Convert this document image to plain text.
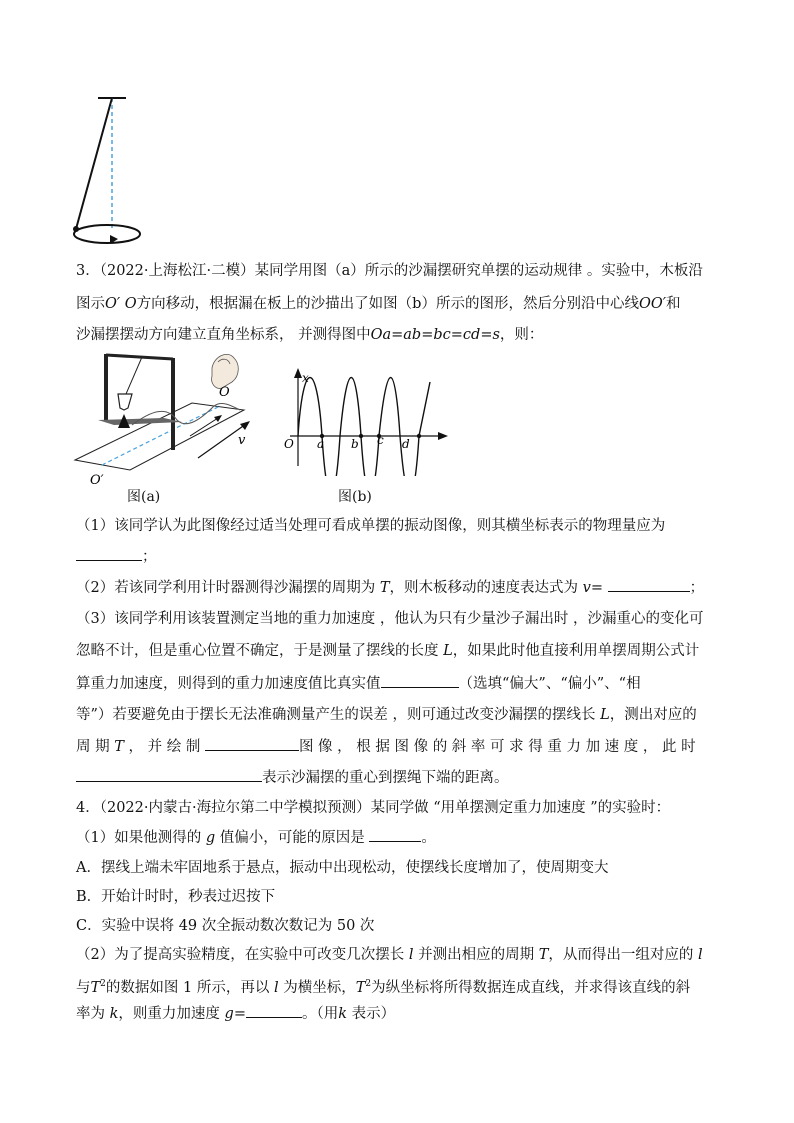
3．（2022·上海松江·二模）某同学用图（a）所示的沙漏摆研究单摆的运动规律 。实验中，木板沿
图示O′ O方向移动，根据漏在板上的沙描出了如图（b）所示的图形，然后分别沿中心线OO′和
沙漏摆摆动方向建立直角坐标系， 并测得图中Oa=ab=bc=cd=s，则：
O
O′
v
图(a)
x
O a b c d
图(b)
（1）该同学认为此图像经过适当处理可看成单摆的振动图像，则其横坐标表示的物理量应为
；
（2）若该同学利用计时器测得沙漏摆的周期为 T，则木板移动的速度表达式为 v=	；
（3）该同学利用该装置测定当地的重力加速度 ，他认为只有少量沙子漏出时 ，沙漏重心的变化可
忽略不计，但是重心位置不确定，于是测量了摆线的长度 L，如果此时他直接利用单摆周期公式计
算重力加速度，则得到的重力加速度值比真实值	（选填“偏大”、“偏小”、“相
等”）若要避免由于摆长无法准确测量产生的误差 ，则可通过改变沙漏摆的摆线长 L，测出对应的
周 期 T ， 并 绘 制	图 像 ， 根 据 图 像 的 斜 率 可 求 得 重 力 加 速 度 ， 此 时
表示沙漏摆的重心到摆绳下端的距离。
4．（2022·内蒙古·海拉尔第二中学模拟预测）某同学做 “用单摆测定重力加速度 ”的实验时：
（1）如果他测得的 g 值偏小，可能的原因是	。
A．摆线上端未牢固地系于悬点，振动中出现松动，使摆线长度增加了，使周期变大
B．开始计时时，秒表过迟按下
C．实验中误将 49 次全振动数次数记为 50 次
（2）为了提高实验精度，在实验中可改变几次摆长 l 并测出相应的周期 T，从而得出一组对应的 l
与$T^2$的数据如图 1 所示，再以 l 为横坐标，$T^2$为纵坐标将所得数据连成直线，并求得该直线的斜
率为 k，则重力加速度 g=	。（用k 表示）
